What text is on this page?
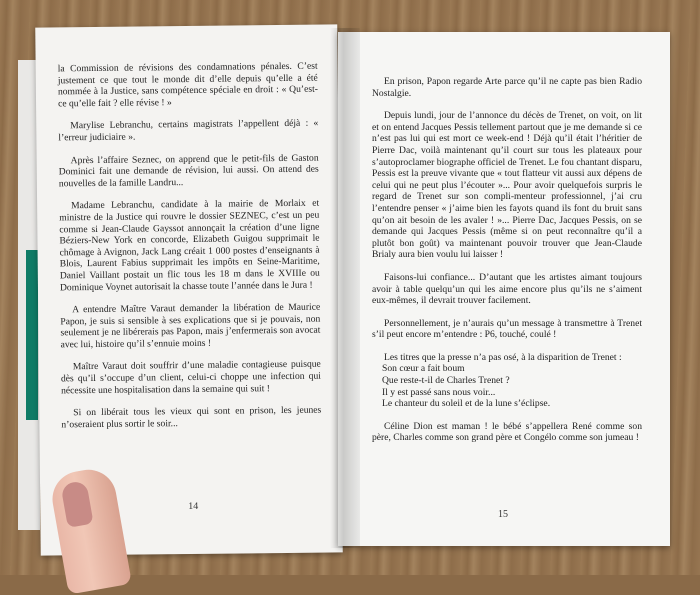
la Commission de révisions des condamnations pénales. C’est justement ce que tout le monde dit d’elle depuis qu’elle a été nommée à la Justice, sans compétence spéciale en droit : « Qu’est-ce qu’elle fait ? elle révise ! »

Marylise Lebranchu, certains magistrats l’appellent déjà : « l’erreur judiciaire ».

Après l’affaire Seznec, on apprend que le petit-fils de Gaston Dominici fait une demande de révision, lui aussi. On attend des nouvelles de la famille Landru...

Madame Lebranchu, candidate à la mairie de Morlaix et ministre de la Justice qui rouvre le dossier SEZNEC, c’est un peu comme si Jean-Claude Gayssot annonçait la création d’une ligne Béziers-New York en concorde, Elizabeth Guigou supprimait le chômage à Avignon, Jack Lang créait 1 000 postes d’enseignants à Blois, Laurent Fabius supprimait les impôts en Seine-Maritime, Daniel Vaillant postait un flic tous les 18 m dans le XVIIIe ou Dominique Voynet autorisait la chasse toute l’année dans le Jura !

A entendre Maître Varaut demander la libération de Maurice Papon, je suis si sensible à ses explications que si je pouvais, non seulement je ne libérerais pas Papon, mais j’enfermerais son avocat avec lui, histoire qu’il s’ennuie moins !

Maître Varaut doit souffrir d’une maladie contagieuse puisque dès qu’il s’occupe d’un client, celui-ci choppe une infection qui nécessite une hospitalisation dans la semaine qui suit !

Si on libérait tous les vieux qui sont en prison, les jeunes n’oseraient plus sortir le soir...

14

En prison, Papon regarde Arte parce qu’il ne capte pas bien Radio Nostalgie.

Depuis lundi, jour de l’annonce du décès de Trenet, on voit, on lit et on entend Jacques Pessis tellement partout que je me demande si ce n’est pas lui qui est mort ce week-end ! Déjà qu’il était l’héritier de Pierre Dac, voilà maintenant qu’il court sur tous les plateaux pour s’autoproclamer biographe officiel de Trenet. Le fou chantant disparu, Pessis est la preuve vivante que « tout flatteur vit aussi aux dépens de celui qui ne peut plus l’écouter »... Pour avoir quelquefois surpris le regard de Trenet sur son compli-menteur professionnel, j’ai cru l’entendre penser « j’aime bien les fayots quand ils font du bruit sans qu’on ait besoin de les avaler ! »... Pierre Dac, Jacques Pessis, on se demande qui Jacques Pessis (même si on peut reconnaître qu’il a plutôt bon goût) va maintenant pouvoir trouver que Jean-Claude Brialy aura bien voulu lui laisser !

Faisons-lui confiance... D’autant que les artistes aimant toujours avoir à table quelqu’un qui les aime encore plus qu’ils ne s’aiment eux-mêmes, il devrait trouver facilement.

Personnellement, je n’aurais qu’un message à transmettre à Trenet s’il peut encore m’entendre : P6, touché, coulé !

Les titres que la presse n’a pas osé, à la disparition de Trenet :
Son cœur a fait boum
Que reste-t-il de Charles Trenet ?
Il y est passé sans nous voir...
Le chanteur du soleil et de la lune s’éclipse.

Céline Dion est maman ! le bébé s’appellera René comme son père, Charles comme son grand père et Congélo comme son jumeau !

15
